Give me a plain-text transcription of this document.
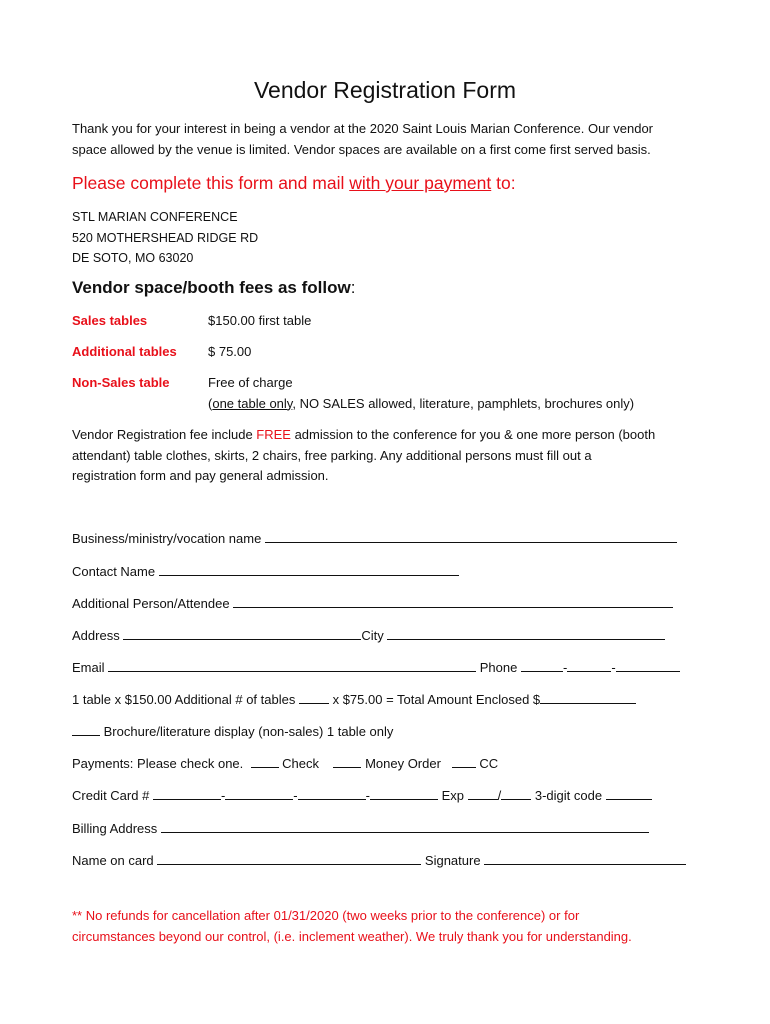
Vendor Registration Form
Thank you for your interest in being a vendor at the 2020 Saint Louis Marian Conference. Our vendor
space allowed by the venue is limited. Vendor spaces are available on a first come first served basis.
Please complete this form and mail with your payment to:
STL MARIAN CONFERENCE
520 MOTHERSHEAD RIDGE RD
DE SOTO, MO 63020
Vendor space/booth fees as follow:
Sales tables	$150.00 first table
Additional tables $ 75.00
Non-Sales table	Free of charge
(one table only, NO SALES allowed, literature, pamphlets, brochures only)
Vendor Registration fee include FREE admission to the conference for you & one more person (booth
attendant) table clothes, skirts, 2 chairs, free parking. Any additional persons must fill out a
registration form and pay general admission.
Business/ministry/vocation name
Contact Name
Additional Person/Attendee
Address	City
Email	Phone	-	-
1 table x $150.00 Additional # of tables	x $75.00 = Total Amount Enclosed $
Brochure/literature display (non-sales) 1 table only
Payments: Please check one.	Check	Money Order	CC
Credit Card #	-	-	-	Exp	/	3-digit code
Billing Address
Name on card	Signature
** No refunds for cancellation after 01/31/2020 (two weeks prior to the conference) or for
circumstances beyond our control, (i.e. inclement weather). We truly thank you for understanding.
